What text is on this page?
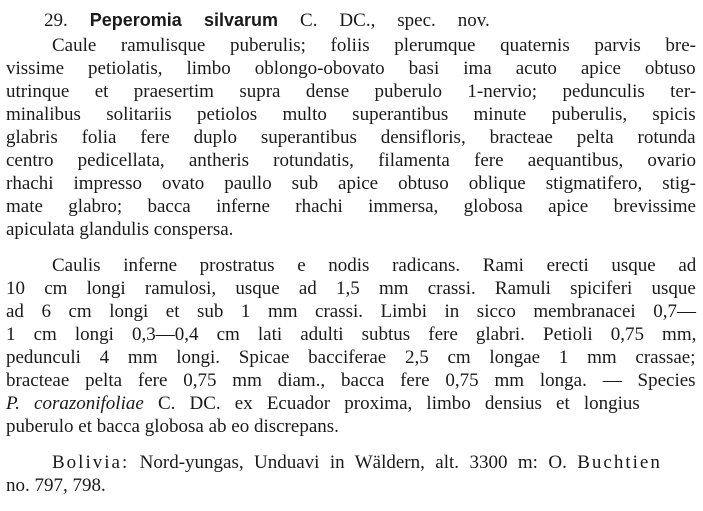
29. Peperomia silvarum C. DC., spec. nov.
Caule ramulisque puberulis; foliis plerumque quaternis parvis bre-
vissime petiolatis, limbo oblongo-obovato basi ima acuto apice obtuso
utrinque et praesertim supra dense puberulo 1-nervio; pedunculis ter-
minalibus solitariis petiolos multo superantibus minute puberulis, spicis
glabris folia fere duplo superantibus densifloris, bracteae pelta rotunda
centro pedicellata, antheris rotundatis, filamenta fere aequantibus, ovario
rhachi impresso ovato paullo sub apice obtuso oblique stigmatifero, stig-
mate glabro; bacca inferne rhachi immersa, globosa apice brevissime
apiculata glandulis conspersa.
Caulis inferne prostratus e nodis radicans. Rami erecti usque ad
10 cm longi ramulosi, usque ad 1,5 mm crassi. Ramuli spiciferi usque
ad 6 cm longi et sub 1 mm crassi. Limbi in sicco membranacei 0,7—
1 cm longi 0,3—0,4 cm lati adulti subtus fere glabri. Petioli 0,75 mm,
pedunculi 4 mm longi. Spicae bacciferae 2,5 cm longae 1 mm crassae;
bracteae pelta fere 0,75 mm diam., bacca fere 0,75 mm longa. — Species
P. corazonifoliae C. DC. ex Ecuador proxima, limbo densius et longius
puberulo et bacca globosa ab eo discrepans.
Bolivia: Nord-yungas, Unduavi in Wäldern, alt. 3300 m: O. Buchtien
no. 797, 798.
